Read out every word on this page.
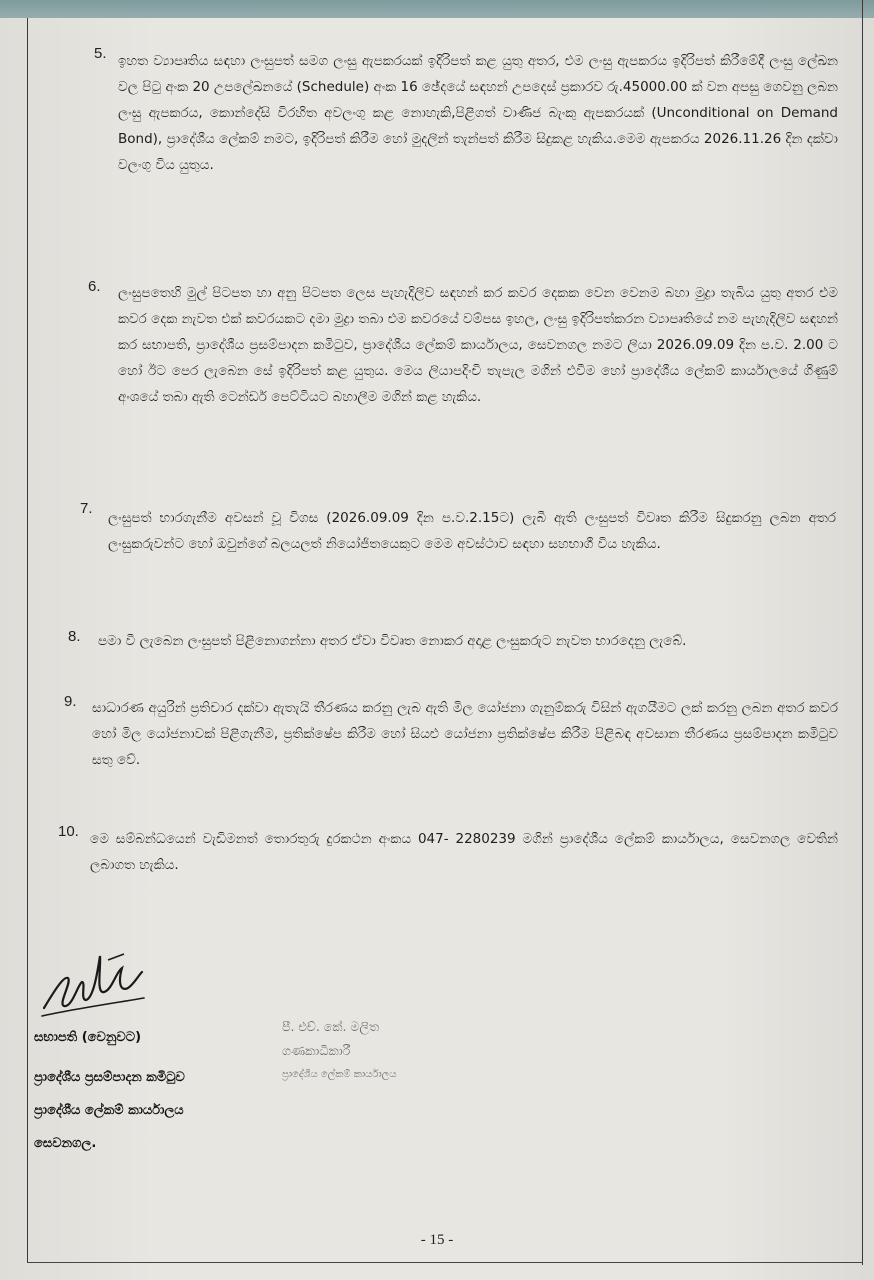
5. ඉහත ව්‍යාපෘතිය සඳහා ලංසුපත් සමග ලංසු ඇපකරයක් ඉදිරිපත් කළ යුතු අතර, එම ලංසු ඇපකරය ඉදිරිපත් කිරීමේදී ලංසු ලේඛන වල පිටු අංක 20 උපලේඛනයේ (Schedule) අංක 16 ඡේදයේ සඳහන් උපදෙස් ප්‍රකාරව රු.45000.00 ක් වන අපසු ගෙවනු ලබන ලංසු ඇපකරය, කොන්දේසි විරහිත අවලංගු කළ නොහැකි,පිළිගත් වාණිජ බැංකු ඇපකරයක් (Unconditional on Demand Bond), ප්‍රාදේශීය ලේකම් නමට, ඉදිරිපත් කිරීම හෝ මුදලින් තැන්පත් කිරීම සිදුකළ හැකිය.මෙම ඇපකරය 2026.11.26 දින දක්වා වලංගු විය යුතුය.
6. ලංසුපතෙහි මුල් පිටපත හා අනු පිටපත ලෙස පැහැදිලිව සඳහන් කර කවර දෙකක වෙන වෙනම බහා මුද්‍රා තැබිය යුතු අතර එම කවර දෙක නැවත එක් කවරයකට දමා මුද්‍රා තබා එම කවරයේ වම්පස ඉහල, ලංසු ඉදිරිපත්කරන ව්‍යාපෘතියේ නම පැහැදිලිව සඳහන් කර සභාපති, ප්‍රාදේශීය ප්‍රසම්පාදන කමිටුව, ප්‍රාදේශීය ලේකම් කාර්යාලය, සෙවනගල නමට ලියා 2026.09.09 දින ප.ව. 2.00 ට හෝ ඊට පෙර ලැබෙන සේ ඉදිරිපත් කළ යුතුය. මෙය ලියාපදිංචි තැපැල මගින් එවීම හෝ ප්‍රාදේශීය ලේකම් කාර්යාලයේ ගිණුම් අංශයේ තබා ඇති ටෙන්ඩර් පෙට්ටියට බහාලීම මගින් කළ හැකිය.
7.
ලංසුපත් භාරගැනීම අවසන් වූ විගස (2026.09.09 දින ප.ව.2.15ට) ලැබී ඇති ලංසුපත් විවෘත කිරීම සිදුකරනු ලබන අතර ලංසුකරුවන්ට හෝ ඔවුන්ගේ බලයලත් නියෝජිතයෙකුට මෙම අවස්ථාව සඳහා සහභාගී විය හැකිය.
8. පමා වී ලැබෙන ලංසුපත් පිළිනොගන්නා අතර ඒවා විවෘත නොකර අදාළ ලංසුකරුට නැවත භාරදෙනු ලැබේ.
9. සාධාරණ අයුරින් ප්‍රතිචාර දක්වා ඇතැයි තීරණය කරනු ලැබ ඇති මිල යෝජනා ගැනුම්කරු විසින් ඇගයීමට ලක් කරනු ලබන අතර කවර හෝ මිල යෝජනාවක් පිළිගැනීම, ප්‍රතික්ෂේප කිරීම හෝ සියළු යෝජනා ප්‍රතික්ෂේප කිරීම පිළිබඳ අවසාන තීරණය ප්‍රසම්පාදන කමිටුව සතු වේ.
10. මෙ සම්බන්ධයෙන් වැඩිමනත් තොරතුරු දුරකථන අංකය 047- 2280239 මගින් ප්‍රාදේශීය ලේකම් කාර්යාලය, සෙවනගල වෙතින් ලබාගත හැකිය.
සභාපති (වෙනුවට)
ප්‍රාදේශීය ප්‍රසම්පාදන කමිටුව
ප්‍රාදේශීය ලේකම් කාර්යාලය
සෙවනගල.
පී. එච්. කේ. මලිත
ගණකාධිකාරී
ප්‍රාදේශීය ලේකම් කාර්යාලය
- 15 -
